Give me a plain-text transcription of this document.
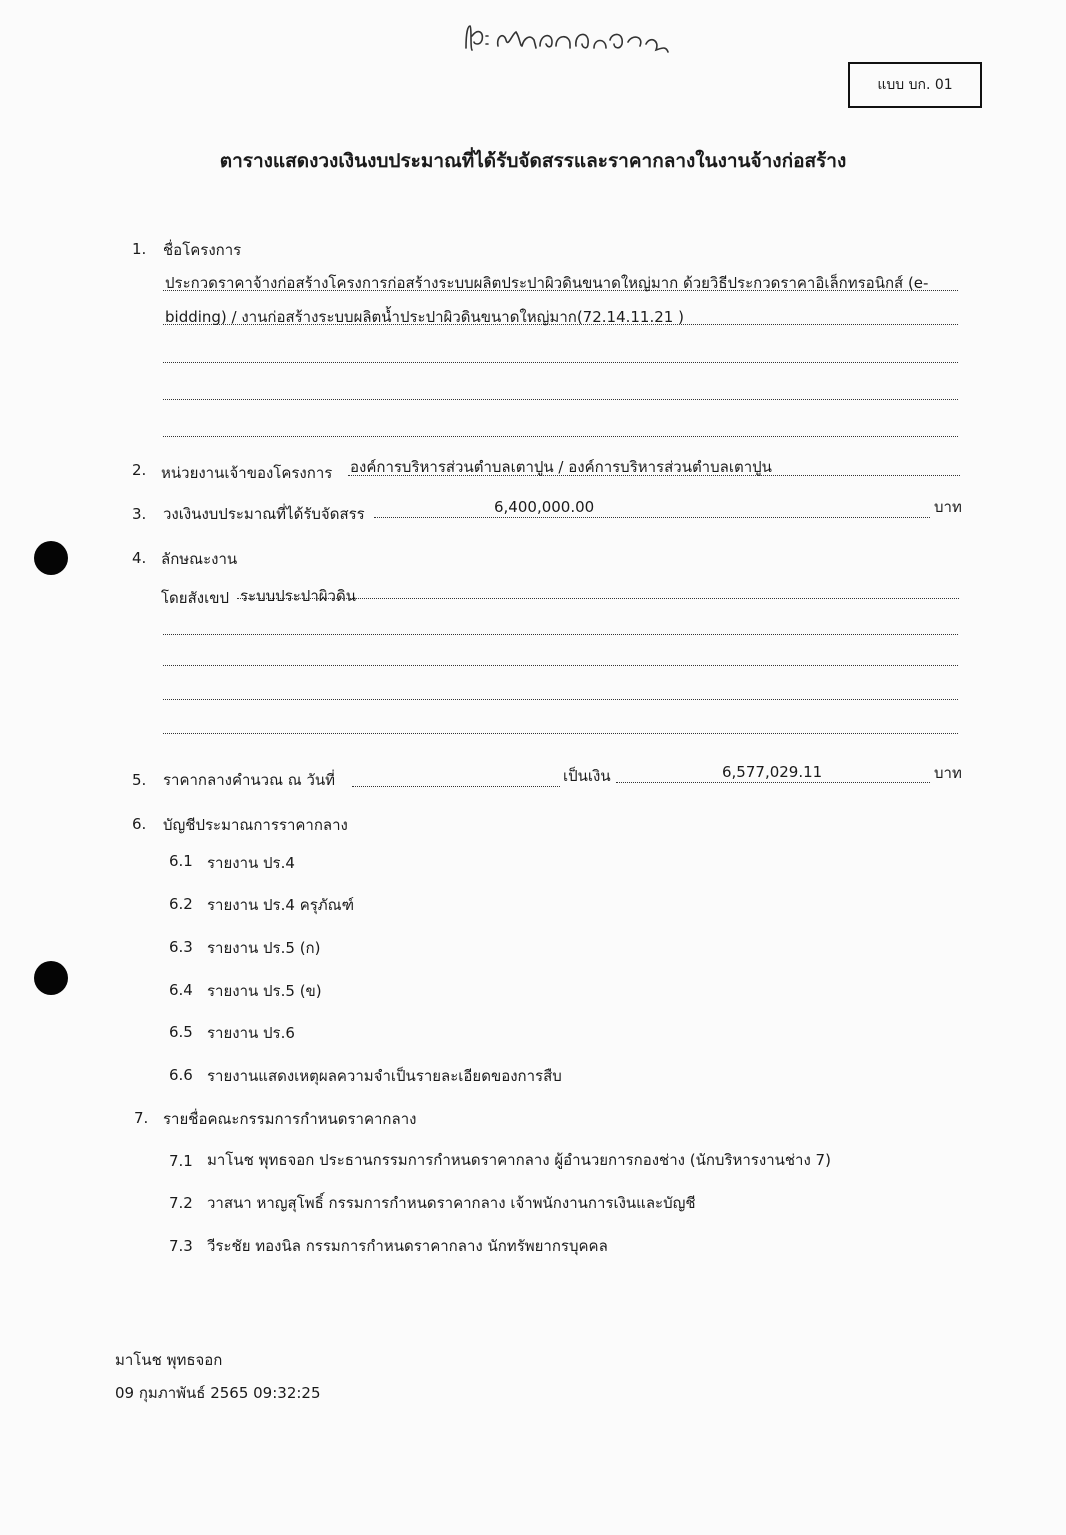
แบบ บก. 01
ตารางแสดงวงเงินงบประมาณที่ได้รับจัดสรรและราคากลางในงานจ้างก่อสร้าง
1. ชื่อโครงการ
ประกวดราคาจ้างก่อสร้างโครงการก่อสร้างระบบผลิตประปาผิวดินขนาดใหญ่มาก ด้วยวิธีประกวดราคาอิเล็กทรอนิกส์ (e-
bidding) / งานก่อสร้างระบบผลิตน้ำประปาผิวดินขนาดใหญ่มาก(72.14.11.21 )
2. หน่วยงานเจ้าของโครงการ องค์การบริหารส่วนตำบลเตาปูน / องค์การบริหารส่วนตำบลเตาปูน
3. วงเงินงบประมาณที่ได้รับจัดสรร	6,400,000.00	บาท
4. ลักษณะงาน
โดยสังเขป ระบบประปาผิวดิน
5. ราคากลางคำนวณ ณ วันที่	เป็นเงิน	6,577,029.11	บาท
6. บัญชีประมาณการราคากลาง
6.1 รายงาน ปร.4
6.2 รายงาน ปร.4 ครุภัณฑ์
6.3 รายงาน ปร.5 (ก)
6.4 รายงาน ปร.5 (ข)
6.5 รายงาน ปร.6
6.6 รายงานแสดงเหตุผลความจำเป็นรายละเอียดของการสืบ
7. รายชื่อคณะกรรมการกำหนดราคากลาง
7.1 มาโนช พุทธจอก ประธานกรรมการกำหนดราคากลาง ผู้อำนวยการกองช่าง (นักบริหารงานช่าง 7)
7.2 วาสนา หาญสุโพธิ์ กรรมการกำหนดราคากลาง เจ้าพนักงานการเงินและบัญชี
7.3 วีระชัย ทองนิล กรรมการกำหนดราคากลาง นักทรัพยากรบุคคล
มาโนช พุทธจอก
09 กุมภาพันธ์ 2565 09:32:25
